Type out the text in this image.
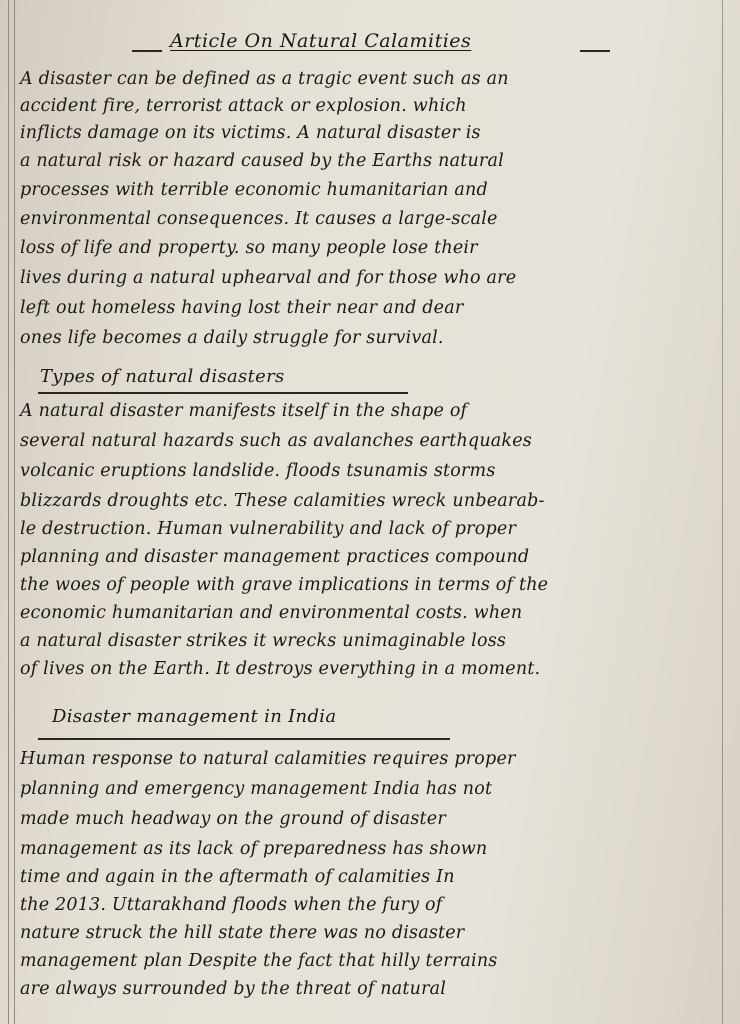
Article On Natural Calamities
A disaster can be defined as a tragic event such as an
accident fire, terrorist attack or explosion. which
inflicts damage on its victims. A natural disaster is
a natural risk or hazard caused by the Earths natural
processes with terrible economic humanitarian and
environmental consequences. It causes a large-scale
loss of life and property. so many people lose their
lives during a natural uphearval and for those who are
left out homeless having lost their near and dear
ones life becomes a daily struggle for survival.
Types of natural disasters
A natural disaster manifests itself in the shape of
several natural hazards such as avalanches earthquakes
volcanic eruptions landslide. floods tsunamis storms
blizzards droughts etc. These calamities wreck unbearab-
le destruction. Human vulnerability and lack of proper
planning and disaster management practices compound
the woes of people with grave implications in terms of the
economic humanitarian and environmental costs. when
a natural disaster strikes it wrecks unimaginable loss
of lives on the Earth. It destroys everything in a moment.
Disaster management in India
Human response to natural calamities requires proper
planning and emergency management India has not
made much headway on the ground of disaster
management as its lack of preparedness has shown
time and again in the aftermath of calamities In
the 2013. Uttarakhand floods when the fury of
nature struck the hill state there was no disaster
management plan Despite the fact that hilly terrains
are always surrounded by the threat of natural
